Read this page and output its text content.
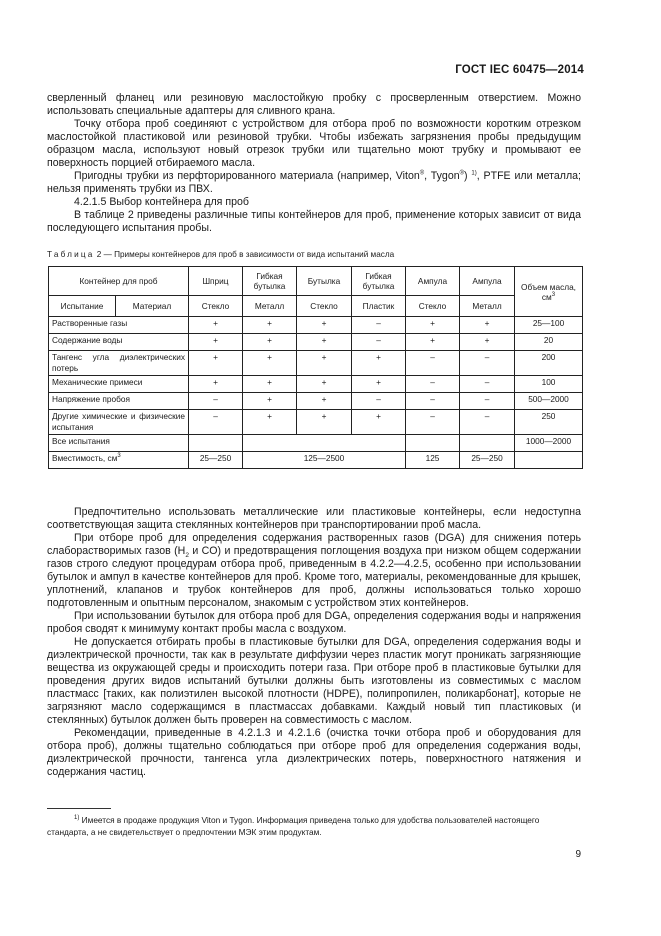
ГОСТ IEC 60475—2014

сверленный фланец или резиновую маслостойкую пробку с просверленным отверстием. Можно использовать специальные адаптеры для сливного крана.

Точку отбора проб соединяют с устройством для отбора проб по возможности коротким отрезком маслостойкой пластиковой или резиновой трубки. Чтобы избежать загрязнения пробы предыдущим образцом масла, используют новый отрезок трубки или тщательно моют трубку и промывают ее поверхность порцией отбираемого масла.

Пригодны трубки из перфторированного материала (например, Viton®, Tygon®) $^{1)}$, PTFE или металла; нельзя применять трубки из ПВХ.

4.2.1.5 Выбор контейнера для проб

В таблице 2 приведены различные типы контейнеров для проб, применение которых зависит от вида последующего испытания пробы.

Таблица 2 — Примеры контейнеров для проб в зависимости от вида испытаний масла
Контейнер для проб		Шприц	Гибкая бутылка	Бутылка	Гибкая бутылка	Ампула	Ампула	Объем масла, $см^3$
Испытание	Материал	Стекло	Металл	Стекло	Пластик	Стекло	Металл	
Растворенные газы		+	+	+	–	+	+	25—100
Содержание воды		+	+	+	–	+	+	20
Тангенс угла диэлектрических потерь		+	+	+	+	–	–	200
Механические примеси		+	+	+	+	–	–	100
Напряжение пробоя		–	+	+	–	–	–	500—2000
Другие химические и физические испытания		–	+	+	+	–	–	250
Все испытания								1000—2000
Вместимость, $см^3$		25—250	125—2500			125	25—250	

Предпочтительно использовать металлические или пластиковые контейнеры, если недоступна соответствующая защита стеклянных контейнеров при транспортировании проб масла.

При отборе проб для определения содержания растворенных газов (DGA) для снижения потерь слаборастворимых газов ($H_2$ и CO) и предотвращения поглощения воздуха при низком общем содержании газов строго следуют процедурам отбора проб, приведенным в 4.2.2—4.2.5, особенно при использовании бутылок и ампул в качестве контейнеров для проб. Кроме того, материалы, рекомендованные для крышек, уплотнений, клапанов и трубок контейнеров для проб, должны использоваться только хорошо подготовленным и опытным персоналом, знакомым с устройством этих контейнеров.

При использовании бутылок для отбора проб для DGA, определения содержания воды и напряжения пробоя сводят к минимуму контакт пробы масла с воздухом.

Не допускается отбирать пробы в пластиковые бутылки для DGA, определения содержания воды и диэлектрической прочности, так как в результате диффузии через пластик могут проникать загрязняющие вещества из окружающей среды и происходить потери газа. При отборе проб в пластиковые бутылки для проведения других видов испытаний бутылки должны быть изготовлены из совместимых с маслом пластмасс [таких, как полиэтилен высокой плотности (HDPE), полипропилен, поликарбонат], которые не загрязняют масло содержащимся в пластмассах добавками. Каждый новый тип пластиковых (и стеклянных) бутылок должен быть проверен на совместимость с маслом.

Рекомендации, приведенные в 4.2.1.3 и 4.2.1.6 (очистка точки отбора проб и оборудования для отбора проб), должны тщательно соблюдаться при отборе проб для определения содержания воды, диэлектрической прочности, тангенса угла диэлектрических потерь, поверхностного натяжения и содержания частиц.

$^{1)}$ Имеется в продаже продукция Viton и Tygon. Информация приведена только для удобства пользователей настоящего стандарта, а не свидетельствует о предпочтении МЭК этим продуктам.
9
